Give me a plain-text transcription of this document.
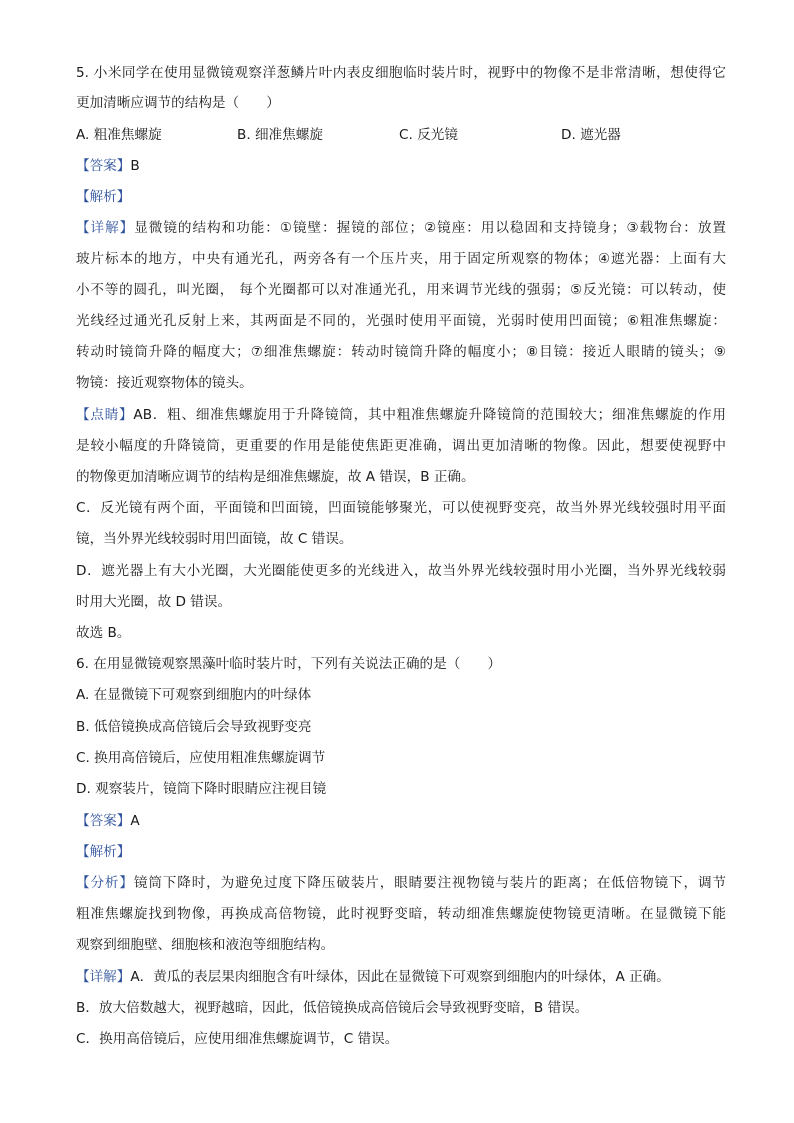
5. 小米同学在使用显微镜观察洋葱鳞片叶内表皮细胞临时装片时，视野中的物像不是非常清晰，想使得它
更加清晰应调节的结构是（　　）
A. 粗准焦螺旋	B. 细准焦螺旋	C. 反光镜	D. 遮光器
【答案】B
【解析】
【详解】显微镜的结构和功能：①镜壁：握镜的部位；②镜座：用以稳固和支持镜身；③载物台：放置
玻片标本的地方，中央有通光孔，两旁各有一个压片夹，用于固定所观察的物体；④遮光器：上面有大
小不等的圆孔，叫光圈， 每个光圈都可以对准通光孔，用来调节光线的强弱；⑤反光镜：可以转动，使
光线经过通光孔反射上来，其两面是不同的，光强时使用平面镜，光弱时使用凹面镜；⑥粗准焦螺旋：
转动时镜筒升降的幅度大；⑦细准焦螺旋：转动时镜筒升降的幅度小；⑧目镜：接近人眼睛的镜头；⑨
物镜：接近观察物体的镜头。
【点睛】AB．粗、细准焦螺旋用于升降镜筒，其中粗准焦螺旋升降镜筒的范围较大；细准焦螺旋的作用
是较小幅度的升降镜筒，更重要的作用是能使焦距更准确，调出更加清晰的物像。因此，想要使视野中
的物像更加清晰应调节的结构是细准焦螺旋，故 A 错误，B 正确。
C．反光镜有两个面，平面镜和凹面镜，凹面镜能够聚光，可以使视野变亮，故当外界光线较强时用平面
镜，当外界光线较弱时用凹面镜，故 C 错误。
D．遮光器上有大小光圈，大光圈能使更多的光线进入，故当外界光线较强时用小光圈，当外界光线较弱
时用大光圈，故 D 错误。
故选 B。
6. 在用显微镜观察黑藻叶临时装片时，下列有关说法正确的是（　　）
A. 在显微镜下可观察到细胞内的叶绿体
B. 低倍镜换成高倍镜后会导致视野变亮
C. 换用高倍镜后，应使用粗准焦螺旋调节
D. 观察装片，镜筒下降时眼睛应注视目镜
【答案】A
【解析】
【分析】镜筒下降时，为避免过度下降压破装片，眼睛要注视物镜与装片的距离；在低倍物镜下，调节
粗准焦螺旋找到物像，再换成高倍物镜，此时视野变暗，转动细准焦螺旋使物镜更清晰。在显微镜下能
观察到细胞壁、细胞核和液泡等细胞结构。
【详解】A．黄瓜的表层果肉细胞含有叶绿体，因此在显微镜下可观察到细胞内的叶绿体，A 正确。
B．放大倍数越大，视野越暗，因此，低倍镜换成高倍镜后会导致视野变暗，B 错误。
C．换用高倍镜后，应使用细准焦螺旋调节，C 错误。
